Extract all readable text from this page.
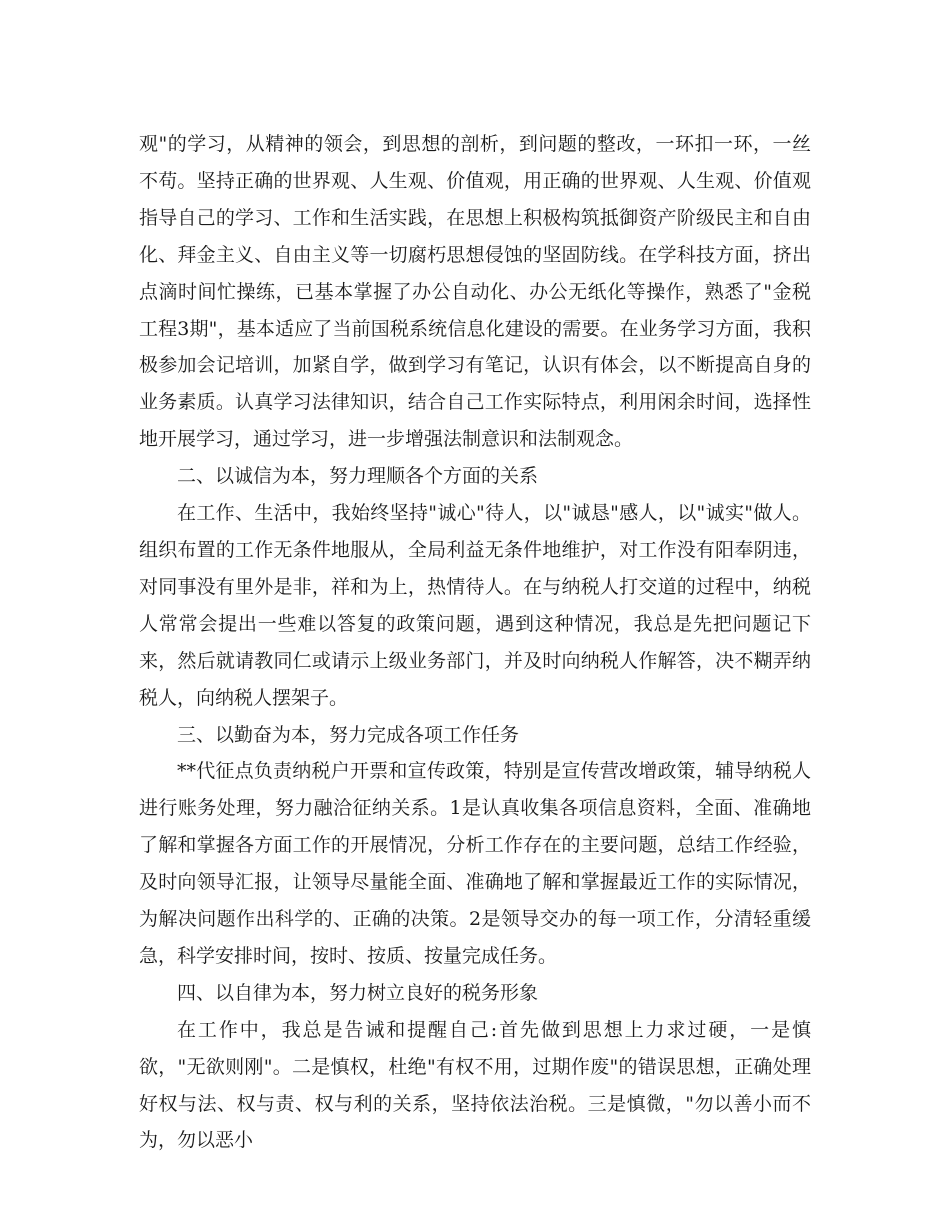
观"的学习，从精神的领会，到思想的剖析，到问题的整改，一环扣一环，一丝不苟。坚持正确的世界观、人生观、价值观，用正确的世界观、人生观、价值观指导自己的学习、工作和生活实践，在思想上积极构筑抵御资产阶级民主和自由化、拜金主义、自由主义等一切腐朽思想侵蚀的坚固防线。在学科技方面，挤出点滴时间忙操练，已基本掌握了办公自动化、办公无纸化等操作，熟悉了"金税工程3期"，基本适应了当前国税系统信息化建设的需要。在业务学习方面，我积极参加会记培训，加紧自学，做到学习有笔记，认识有体会，以不断提高自身的业务素质。认真学习法律知识，结合自己工作实际特点，利用闲余时间，选择性地开展学习，通过学习，进一步增强法制意识和法制观念。

二、以诚信为本，努力理顺各个方面的关系

在工作、生活中，我始终坚持"诚心"待人，以"诚恳"感人，以"诚实"做人。组织布置的工作无条件地服从，全局利益无条件地维护，对工作没有阳奉阴违，对同事没有里外是非，祥和为上，热情待人。在与纳税人打交道的过程中，纳税人常常会提出一些难以答复的政策问题，遇到这种情况，我总是先把问题记下来，然后就请教同仁或请示上级业务部门，并及时向纳税人作解答，决不糊弄纳税人，向纳税人摆架子。

三、以勤奋为本，努力完成各项工作任务

**代征点负责纳税户开票和宣传政策，特别是宣传营改增政策，辅导纳税人进行账务处理，努力融洽征纳关系。1是认真收集各项信息资料，全面、准确地了解和掌握各方面工作的开展情况，分析工作存在的主要问题，总结工作经验，及时向领导汇报，让领导尽量能全面、准确地了解和掌握最近工作的实际情况，为解决问题作出科学的、正确的决策。2是领导交办的每一项工作，分清轻重缓急，科学安排时间，按时、按质、按量完成任务。

四、以自律为本，努力树立良好的税务形象

在工作中，我总是告诫和提醒自己:首先做到思想上力求过硬，一是慎欲，"无欲则刚"。二是慎权，杜绝"有权不用，过期作废"的错误思想，正确处理好权与法、权与责、权与利的关系，坚持依法治税。三是慎微，"勿以善小而不为，勿以恶小
